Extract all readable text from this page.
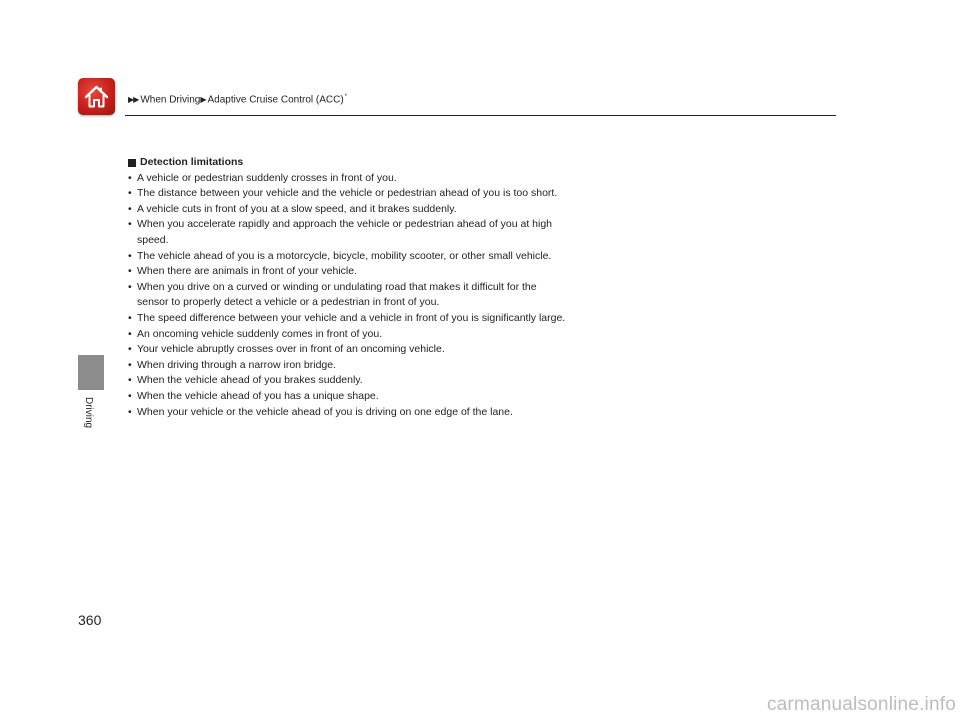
▶▶ When Driving▶ Adaptive Cruise Control (ACC)*
Driving

Detection limitations

• A vehicle or pedestrian suddenly crosses in front of you.
• The distance between your vehicle and the vehicle or pedestrian ahead of you is too short.
• A vehicle cuts in front of you at a slow speed, and it brakes suddenly.
• When you accelerate rapidly and approach the vehicle or pedestrian ahead of you at high speed.
• The vehicle ahead of you is a motorcycle, bicycle, mobility scooter, or other small vehicle.
• When there are animals in front of your vehicle.
• When you drive on a curved or winding or undulating road that makes it difficult for the sensor to properly detect a vehicle or a pedestrian in front of you.
• The speed difference between your vehicle and a vehicle in front of you is significantly large.
• An oncoming vehicle suddenly comes in front of you.
• Your vehicle abruptly crosses over in front of an oncoming vehicle.
• When driving through a narrow iron bridge.
• When the vehicle ahead of you brakes suddenly.
• When the vehicle ahead of you has a unique shape.
• When your vehicle or the vehicle ahead of you is driving on one edge of the lane.
360
carmanualsonline.info
